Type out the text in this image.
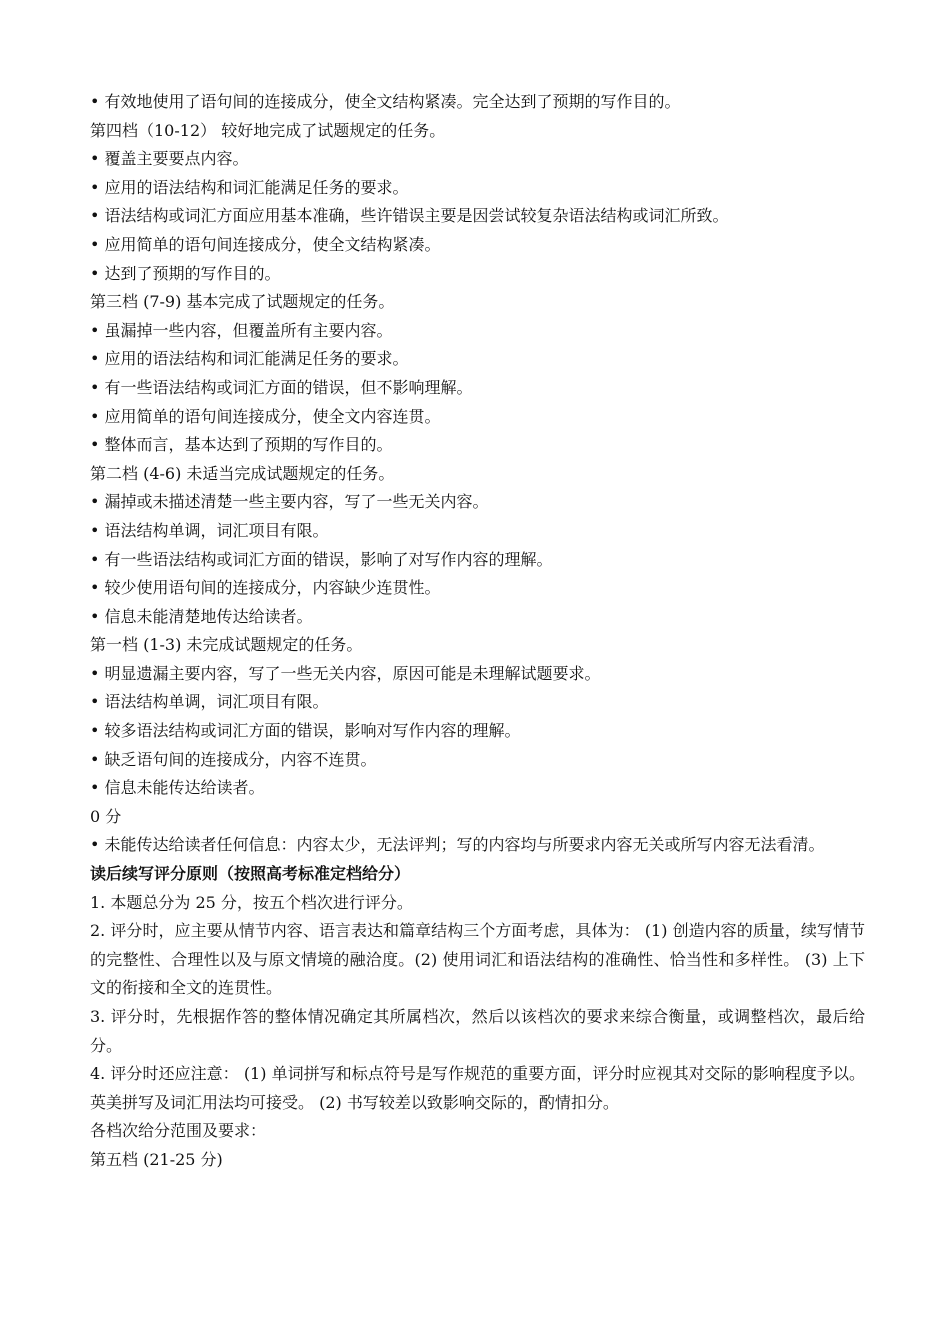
• 有效地使用了语句间的连接成分，使全文结构紧凑。完全达到了预期的写作目的。
第四档（10-12） 较好地完成了试题规定的任务。
• 覆盖主要要点内容。
• 应用的语法结构和词汇能满足任务的要求。
• 语法结构或词汇方面应用基本准确，些许错误主要是因尝试较复杂语法结构或词汇所致。
• 应用简单的语句间连接成分，使全文结构紧凑。
• 达到了预期的写作目的。
第三档 (7-9) 基本完成了试题规定的任务。
• 虽漏掉一些内容，但覆盖所有主要内容。
• 应用的语法结构和词汇能满足任务的要求。
• 有一些语法结构或词汇方面的错误，但不影响理解。
• 应用简单的语句间连接成分，使全文内容连贯。
• 整体而言，基本达到了预期的写作目的。
第二档 (4-6) 未适当完成试题规定的任务。
• 漏掉或未描述清楚一些主要内容，写了一些无关内容。
• 语法结构单调，词汇项目有限。
• 有一些语法结构或词汇方面的错误，影响了对写作内容的理解。
• 较少使用语句间的连接成分，内容缺少连贯性。
• 信息未能清楚地传达给读者。
第一档 (1-3) 未完成试题规定的任务。
• 明显遗漏主要内容，写了一些无关内容，原因可能是未理解试题要求。
• 语法结构单调，词汇项目有限。
• 较多语法结构或词汇方面的错误，影响对写作内容的理解。
• 缺乏语句间的连接成分，内容不连贯。
• 信息未能传达给读者。
0 分
• 未能传达给读者任何信息：内容太少，无法评判；写的内容均与所要求内容无关或所写内容无法看清。
读后续写评分原则（按照高考标准定档给分）
1. 本题总分为 25 分，按五个档次进行评分。
2. 评分时，应主要从情节内容、语言表达和篇章结构三个方面考虑，具体为： (1) 创造内容的质量，续写情节的完整性、合理性以及与原文情境的融洽度。(2) 使用词汇和语法结构的准确性、恰当性和多样性。 (3) 上下文的衔接和全文的连贯性。
3. 评分时，先根据作答的整体情况确定其所属档次，然后以该档次的要求来综合衡量，或调整档次，最后给分。
4. 评分时还应注意： (1) 单词拼写和标点符号是写作规范的重要方面，评分时应视其对交际的影响程度予以。 英美拼写及词汇用法均可接受。 (2) 书写较差以致影响交际的，酌情扣分。
各档次给分范围及要求：
第五档 (21-25 分)
